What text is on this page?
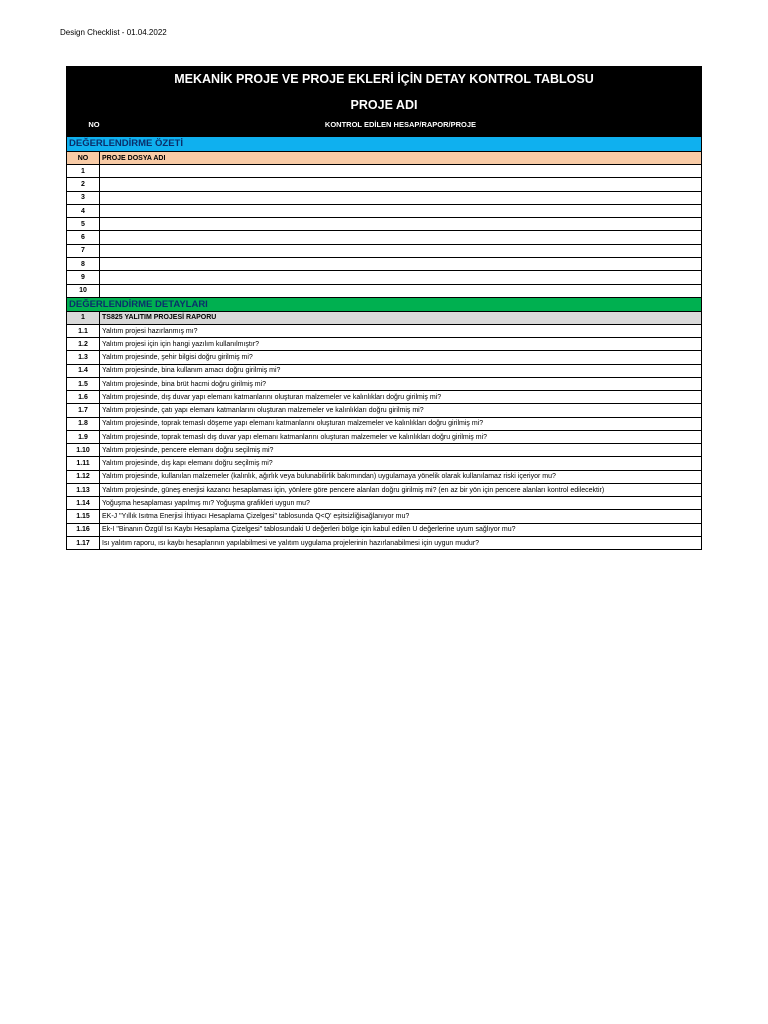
Design Checklist - 01.04.2022
MEKANİK PROJE VE PROJE EKLERİ İÇİN DETAY KONTROL TABLOSU
PROJE ADI
NO	KONTROL EDİLEN HESAP/RAPOR/PROJE
DEĞERLENDİRME ÖZETİ
NO	PROJE DOSYA ADI
1	
2	
3	
4	
5	
6	
7	
8	
9	
10	
DEĞERLENDİRME DETAYLARI
1	TS825 YALITIM PROJESİ RAPORU
1.1	Yalıtım projesi hazırlanmış mı?
1.2	Yalıtım projesi için için hangi yazılım kullanılmıştır?
1.3	Yalıtım projesinde, şehir bilgisi doğru girilmiş mi?
1.4	Yalıtım projesinde, bina kullanım amacı doğru girilmiş mi?
1.5	Yalıtım projesinde, bina brüt hacmi doğru girilmiş mi?
1.6	Yalıtım projesinde, dış duvar yapı elemanı katmanlarını oluşturan malzemeler ve kalınlıkları doğru girilmiş mi?
1.7	Yalıtım projesinde, çatı yapı elemanı katmanlarını oluşturan malzemeler ve kalınlıkları doğru girilmiş mi?
1.8	Yalıtım projesinde, toprak temaslı döşeme yapı elemanı katmanlarını oluşturan malzemeler ve kalınlıkları doğru girilmiş mi?
1.9	Yalıtım projesinde, toprak temaslı dış duvar yapı elemanı katmanlarını oluşturan malzemeler ve kalınlıkları doğru girilmiş mi?
1.10	Yalıtım projesinde, pencere elemanı doğru seçilmiş mi?
1.11	Yalıtım projesinde, dış kapı elemanı doğru seçilmiş mi?
1.12	Yalıtım projesinde, kullanılan malzemeler (kalınlık, ağırlık veya bulunabilirlik bakımından) uygulamaya yönelik olarak kullanılamaz riski içeriyor mu?
1.13	Yalıtım projesinde, güneş enerjisi kazancı hesaplaması için, yönlere göre pencere alanları doğru girilmiş mi? (en az bir yön için pencere alanları kontrol edilecektir)
1.14	Yoğuşma hesaplaması yapılmış mı? Yoğuşma grafikleri uygun mu?
1.15	EK-J "Yıllık Isıtma Enerjisi İhtiyacı Hesaplama Çizelgesi" tablosunda Q<Q' eşitsizliğisağlanıyor mu?
1.16	Ek-I "Binanın Özgül Isı Kaybı Hesaplama Çizelgesi" tablosundaki U değerleri bölge için kabul edilen U değerlerine uyum sağlıyor mu?
1.17	Isı yalıtım raporu, ısı kaybı hesaplarının yapılabilmesi ve yalıtım uygulama projelerinin hazırlanabilmesi için uygun mudur?
